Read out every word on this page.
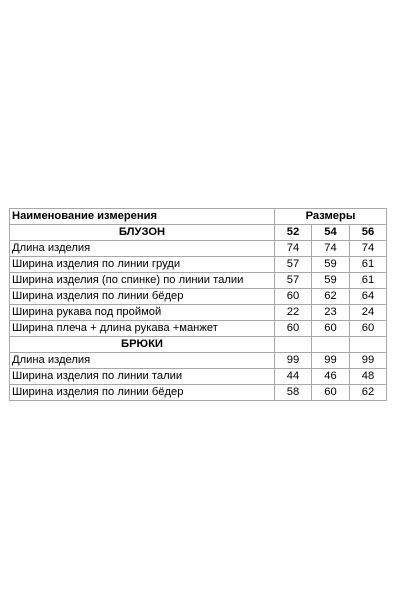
Наименование измерения	Размеры		
БЛУЗОН	52	54	56
Длина изделия	74	74	74
Ширина изделия по линии груди	57	59	61
Ширина изделия (по спинке) по линии талии	57	59	61
Ширина изделия по линии бёдер	60	62	64
Ширина рукава под проймой	22	23	24
Ширина плеча + длина рукава +манжет	60	60	60
БРЮКИ			
Длина изделия	99	99	99
Ширина изделия по линии талии	44	46	48
Ширина изделия по линии бёдер	58	60	62
